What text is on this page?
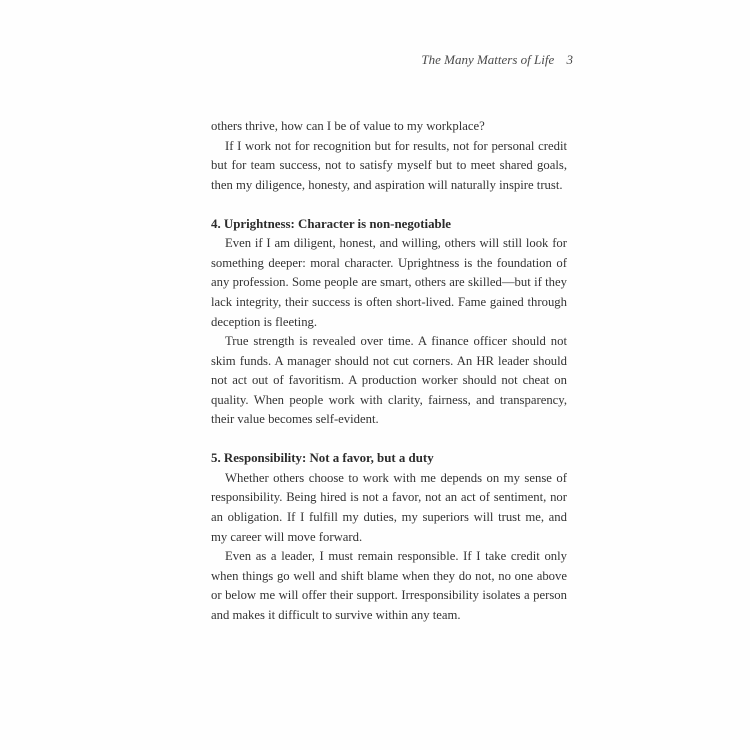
The Many Matters of Life 3

others thrive, how can I be of value to my workplace?

If I work not for recognition but for results, not for personal credit but for team success, not to satisfy myself but to meet shared goals, then my diligence, honesty, and aspiration will naturally inspire trust.

4. Uprightness: Character is non-negotiable

Even if I am diligent, honest, and willing, others will still look for something deeper: moral character. Uprightness is the foundation of any profession. Some people are smart, others are skilled—but if they lack integrity, their success is often short-lived. Fame gained through deception is fleeting.

True strength is revealed over time. A finance officer should not skim funds. A manager should not cut corners. An HR leader should not act out of favoritism. A production worker should not cheat on quality. When people work with clarity, fairness, and transparency, their value becomes self-evident.

5. Responsibility: Not a favor, but a duty

Whether others choose to work with me depends on my sense of responsibility. Being hired is not a favor, not an act of sentiment, nor an obligation. If I fulfill my duties, my superiors will trust me, and my career will move forward.

Even as a leader, I must remain responsible. If I take credit only when things go well and shift blame when they do not, no one above or below me will offer their support. Irresponsibility isolates a person and makes it difficult to survive within any team.
